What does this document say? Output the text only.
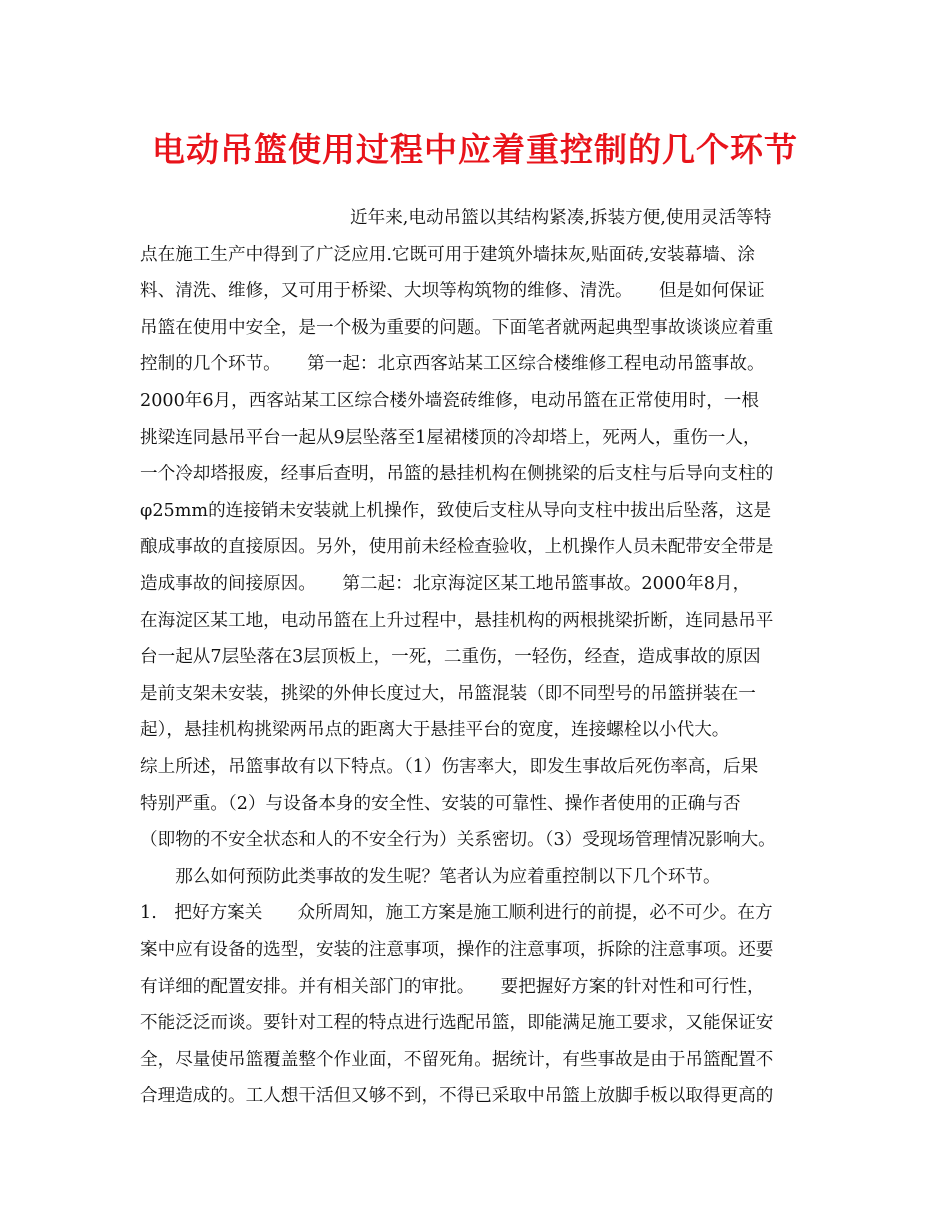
电动吊篮使用过程中应着重控制的几个环节
近年来,电动吊篮以其结构紧凑,拆装方便,使用灵活等特
点在施工生产中得到了广泛应用.它既可用于建筑外墙抹灰,贴面砖,安装幕墙、涂
料、清洗、维修，又可用于桥梁、大坝等构筑物的维修、清洗。　　但是如何保证
吊篮在使用中安全，是一个极为重要的问题。下面笔者就两起典型事故谈谈应着重
控制的几个环节。　　第一起：北京西客站某工区综合楼维修工程电动吊篮事故。
2000年6月，西客站某工区综合楼外墙瓷砖维修，电动吊篮在正常使用时，一根
挑梁连同悬吊平台一起从9层坠落至1屋裙楼顶的冷却塔上，死两人，重伤一人，
一个冷却塔报废，经事后查明，吊篮的悬挂机构在侧挑梁的后支柱与后导向支柱的
φ25mm的连接销未安装就上机操作，致使后支柱从导向支柱中拔出后坠落，这是
酿成事故的直接原因。另外，使用前未经检查验收，上机操作人员未配带安全带是
造成事故的间接原因。　　第二起：北京海淀区某工地吊篮事故。2000年8月，
在海淀区某工地，电动吊篮在上升过程中，悬挂机构的两根挑梁折断，连同悬吊平
台一起从7层坠落在3层顶板上，一死，二重伤，一轻伤，经查，造成事故的原因
是前支架未安装，挑梁的外伸长度过大，吊篮混装（即不同型号的吊篮拼装在一
起），悬挂机构挑梁两吊点的距离大于悬挂平台的宽度，连接螺栓以小代大。
综上所述，吊篮事故有以下特点。（1）伤害率大，即发生事故后死伤率高，后果
特别严重。（2）与设备本身的安全性、安装的可靠性、操作者使用的正确与否
（即物的不安全状态和人的不安全行为）关系密切。（3）受现场管理情况影响大。
　　那么如何预防此类事故的发生呢？笔者认为应着重控制以下几个环节。
1.　把好方案关　　众所周知，施工方案是施工顺利进行的前提，必不可少。在方
案中应有设备的选型，安装的注意事项，操作的注意事项，拆除的注意事项。还要
有详细的配置安排。并有相关部门的审批。　　要把握好方案的针对性和可行性，
不能泛泛而谈。要针对工程的特点进行选配吊篮，即能满足施工要求，又能保证安
全，尽量使吊篮覆盖整个作业面，不留死角。据统计，有些事故是由于吊篮配置不
合理造成的。工人想干活但又够不到，不得已采取中吊篮上放脚手板以取得更高的
